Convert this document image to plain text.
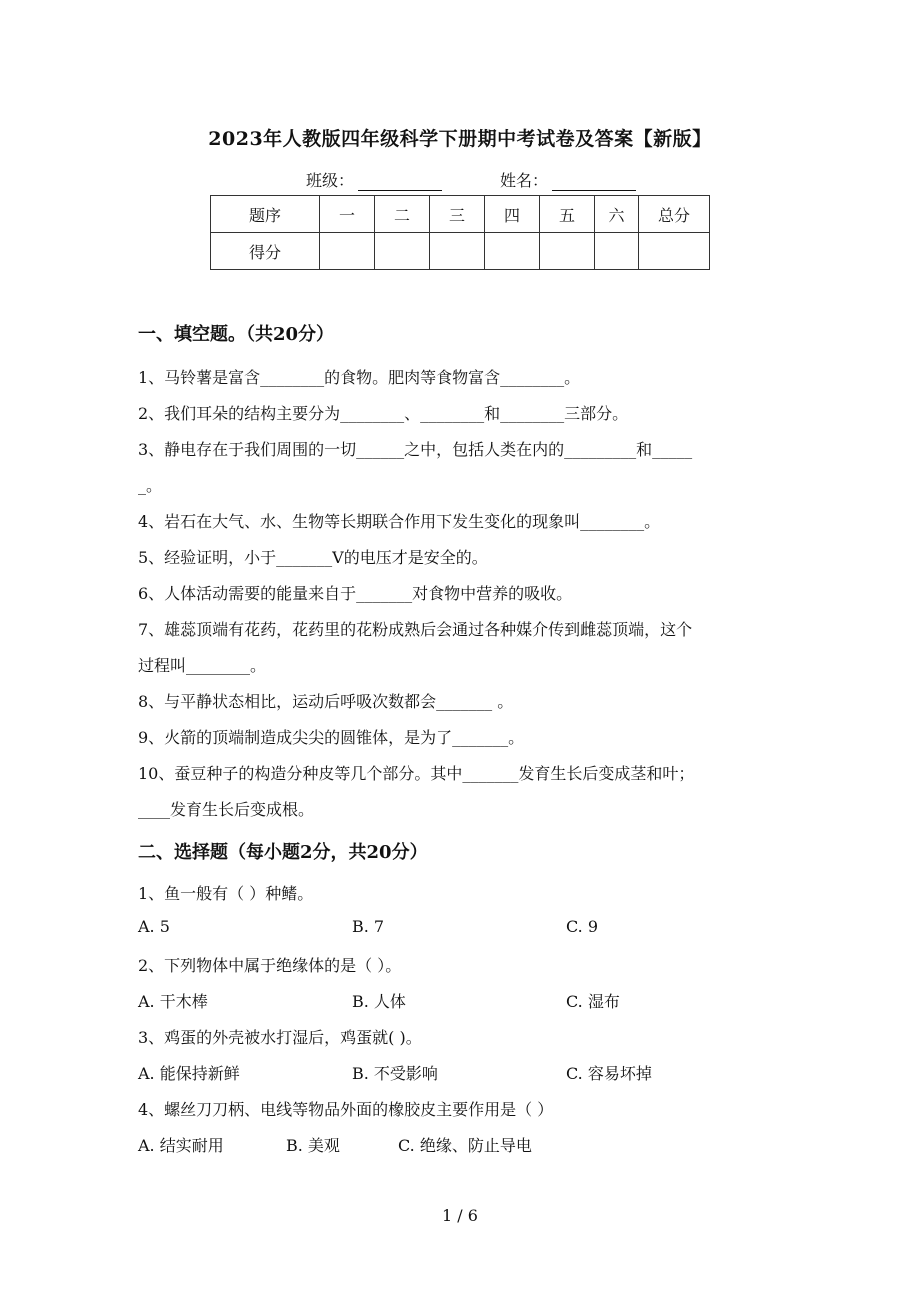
2023年人教版四年级科学下册期中考试卷及答案【新版】
班级：	姓名：
题序	一	二	三	四	五	六	总分
得分							
一、填空题。（共20分）
1、马铃薯是富含________的食物。肥肉等食物富含________。
2、我们耳朵的结构主要分为________、________和________三部分。
3、静电存在于我们周围的一切______之中，包括人类在内的_________和_____
_。
4、岩石在大气、水、生物等长期联合作用下发生变化的现象叫________。
5、经验证明，小于_______V的电压才是安全的。
6、人体活动需要的能量来自于_______对食物中营养的吸收。
7、雄蕊顶端有花药，花药里的花粉成熟后会通过各种媒介传到雌蕊顶端，这个
过程叫________。
8、与平静状态相比，运动后呼吸次数都会_______ 。
9、火箭的顶端制造成尖尖的圆锥体，是为了_______。
10、蚕豆种子的构造分种皮等几个部分。其中_______发育生长后变成茎和叶；
____发育生长后变成根。
二、选择题（每小题2分，共20分）
1、鱼一般有（ ）种鳍。
A. 5	B. 7	C. 9
2、下列物体中属于绝缘体的是（ ）。
A. 干木棒	B. 人体	C. 湿布
3、鸡蛋的外壳被水打湿后，鸡蛋就( )。
A. 能保持新鲜	B. 不受影响	C. 容易坏掉
4、螺丝刀刀柄、电线等物品外面的橡胶皮主要作用是（ ）
A. 结实耐用	B. 美观	C. 绝缘、防止导电
1 / 6
